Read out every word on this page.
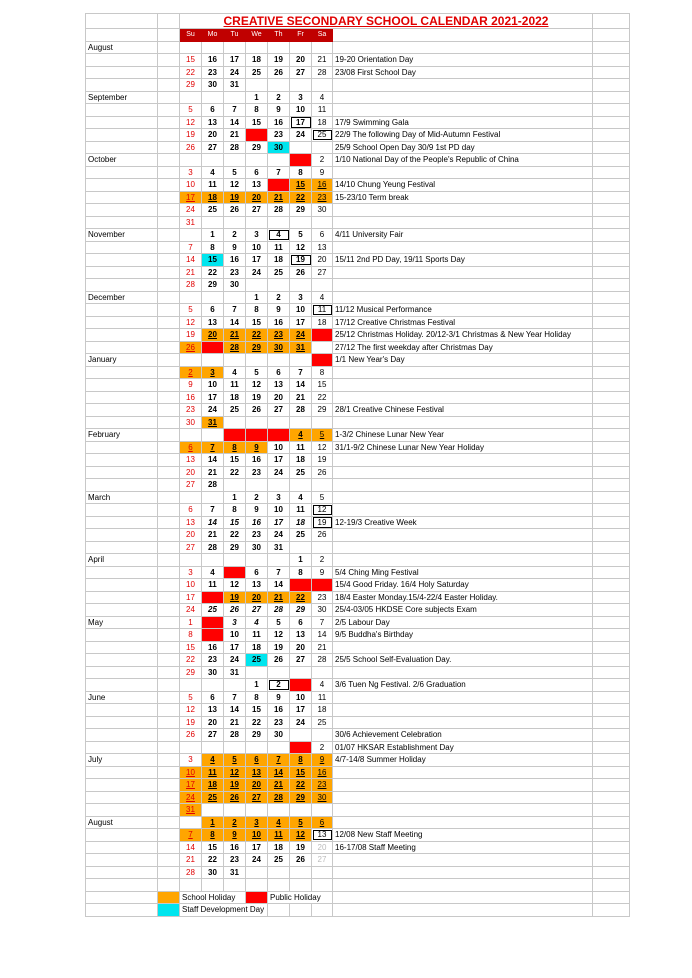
		CREATIVE SECONDARY SCHOOL CALENDAR 2021-2022								
		Su	Mo	Tu	We	Th	Fr	Sa		
August										
		15	16	17	18	19	20	21	19-20 Orientation Day	
		22	23	24	25	26	27	28	23/08 First School Day	
		29	30	31						
September					1	2	3	4		
		5	6	7	8	9	10	11		
		12	13	14	15	16	17	18	17/9 Swimming Gala	
		19	20	21	22	23	24	25	22/9 The following Day of Mid-Autumn Festival	
		26	27	28	29	30			25/9 School Open Day 30/9 1st PD day	
October							1	2	1/10 National Day of the People's Republic of China	
		3	4	5	6	7	8	9		
		10	11	12	13	14	15	16	14/10 Chung Yeung Festival	
		17	18	19	20	21	22	23	15-23/10 Term break	
		24	25	26	27	28	29	30		
		31								
November			1	2	3	4	5	6	4/11 University Fair	
		7	8	9	10	11	12	13		
		14	15	16	17	18	19	20	15/11 2nd PD Day, 19/11 Sports Day	
		21	22	23	24	25	26	27		
		28	29	30						
December					1	2	3	4		
		5	6	7	8	9	10	11	11/12 Musical Performance	
		12	13	14	15	16	17	18	17/12 Creative Christmas Festival	
		19	20	21	22	23	24	25	25/12 Christmas Holiday. 20/12-3/1 Christmas & New Year Holiday	
		26	27	28	29	30	31		27/12 The first weekday after Christmas Day	
January								1	1/1 New Year's Day	
		2	3	4	5	6	7	8		
		9	10	11	12	13	14	15		
		16	17	18	19	20	21	22		
		23	24	25	26	27	28	29	28/1 Creative Chinese Festival	
		30	31							
February				1	2	3	4	5	1-3/2 Chinese Lunar New Year	
		6	7	8	9	10	11	12	31/1-9/2 Chinese Lunar New Year Holiday	
		13	14	15	16	17	18	19		
		20	21	22	23	24	25	26		
		27	28							
March				1	2	3	4	5		
		6	7	8	9	10	11	12		
		13	14	15	16	17	18	19	12-19/3 Creative Week	
		20	21	22	23	24	25	26		
		27	28	29	30	31				
April							1	2		
		3	4	5	6	7	8	9	5/4 Ching Ming Festival	
		10	11	12	13	14	15	16	15/4 Good Friday. 16/4 Holy Saturday	
		17	18	19	20	21	22	23	18/4 Easter Monday.15/4-22/4 Easter Holiday.	
		24	25	26	27	28	29	30	25/4-03/05 HKDSE Core subjects Exam	
May		1	2	3	4	5	6	7	2/5 Labour Day	
		8	9	10	11	12	13	14	9/5 Buddha's Birthday	
		15	16	17	18	19	20	21		
		22	23	24	25	26	27	28	25/5 School Self-Evaluation Day.	
		29	30	31						
					1	2	3	4	3/6 Tuen Ng Festival. 2/6 Graduation	
June		5	6	7	8	9	10	11		
		12	13	14	15	16	17	18		
		19	20	21	22	23	24	25		
		26	27	28	29	30			30/6 Achievement Celebration	
							1	2	01/07 HKSAR Establishment Day	
July		3	4	5	6	7	8	9	4/7-14/8 Summer Holiday	
		10	11	12	13	14	15	16		
		17	18	19	20	21	22	23		
		24	25	26	27	28	29	30		
		31								
August			1	2	3	4	5	6		
		7	8	9	10	11	12	13	12/08 New Staff Meeting	
		14	15	16	17	18	19	20	16-17/08 Staff Meeting	
		21	22	23	24	25	26	27		
		28	30	31						

		School Holiday				Public Holiday				
		Staff Development Day								
